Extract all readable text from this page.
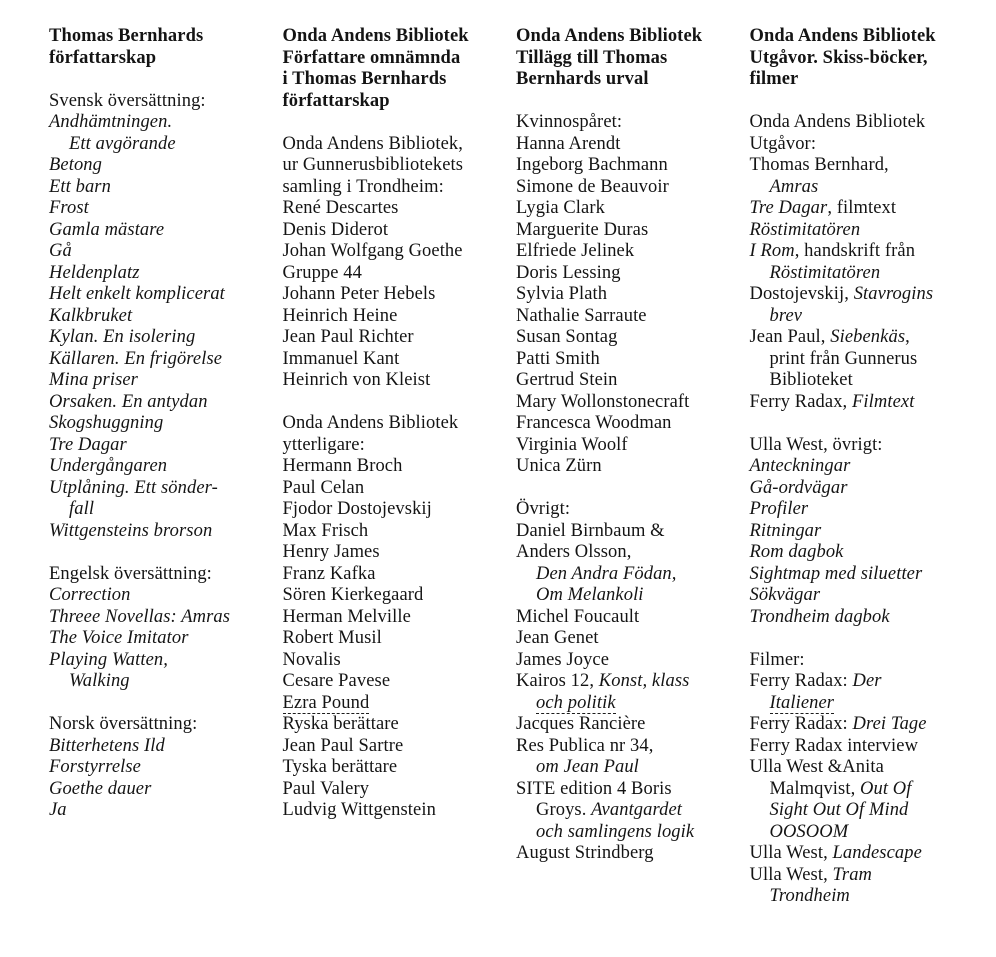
Thomas Bernhards
författarskap
Svensk översättning:
Andhämtningen.
Ett avgörande
Betong
Ett barn
Frost
Gamla mästare
Gå
Heldenplatz
Helt enkelt komplicerat
Kalkbruket
Kylan. En isolering
Källaren. En frigörelse
Mina priser
Orsaken. En antydan
Skogshuggning
Tre Dagar
Undergångaren
Utplåning. Ett sönder-
fall
Wittgensteins brorson
Engelsk översättning:
Correction
Threee Novellas: Amras
The Voice Imitator
Playing Watten,
Walking
Norsk översättning:
Bitterhetens Ild
Forstyrrelse
Goethe dauer
Ja
Onda Andens Bibliotek
Författare omnämnda
i Thomas Bernhards
författarskap
Onda Andens Bibliotek,
ur Gunnerusbibliotekets
samling i Trondheim:
René Descartes
Denis Diderot
Johan Wolfgang Goethe
Gruppe 44
Johann Peter Hebels
Heinrich Heine
Jean Paul Richter
Immanuel Kant
Heinrich von Kleist
Onda Andens Bibliotek
ytterligare:
Hermann Broch
Paul Celan
Fjodor Dostojevskij
Max Frisch
Henry James
Franz Kafka
Sören Kierkegaard
Herman Melville
Robert Musil
Novalis
Cesare Pavese
Ezra Pound
Ryska berättare
Jean Paul Sartre
Tyska berättare
Paul Valery
Ludvig Wittgenstein
Onda Andens Bibliotek
Tillägg till Thomas
Bernhards urval
Kvinnospåret:
Hanna Arendt
Ingeborg Bachmann
Simone de Beauvoir
Lygia Clark
Marguerite Duras
Elfriede Jelinek
Doris Lessing
Sylvia Plath
Nathalie Sarraute
Susan Sontag
Patti Smith
Gertrud Stein
Mary Wollonstonecraft
Francesca Woodman
Virginia Woolf
Unica Zürn
Övrigt:
Daniel Birnbaum &
Anders Olsson,
Den Andra Födan,
Om Melankoli
Michel Foucault
Jean Genet
James Joyce
Kairos 12, Konst, klass
och politik
Jacques Rancière
Res Publica nr 34,
om Jean Paul
SITE edition 4 Boris
Groys. Avantgardet
och samlingens logik
August Strindberg
Onda Andens Bibliotek
Utgåvor. Skiss-böcker,
filmer
Onda Andens Bibliotek
Utgåvor:
Thomas Bernhard,
Amras
Tre Dagar, filmtext
Röstimitatören
I Rom, handskrift från
Röstimitatören
Dostojevskij, Stavrogins
brev
Jean Paul, Siebenkäs,
print från Gunnerus
Biblioteket
Ferry Radax, Filmtext
Ulla West, övrigt:
Anteckningar
Gå-ordvägar
Profiler
Ritningar
Rom dagbok
Sightmap med siluetter
Sökvägar
Trondheim dagbok
Filmer:
Ferry Radax: Der
Italiener
Ferry Radax: Drei Tage
Ferry Radax interview
Ulla West &Anita
Malmqvist, Out Of
Sight Out Of Mind
OOSOOM
Ulla West, Landescape
Ulla West, Tram
Trondheim
